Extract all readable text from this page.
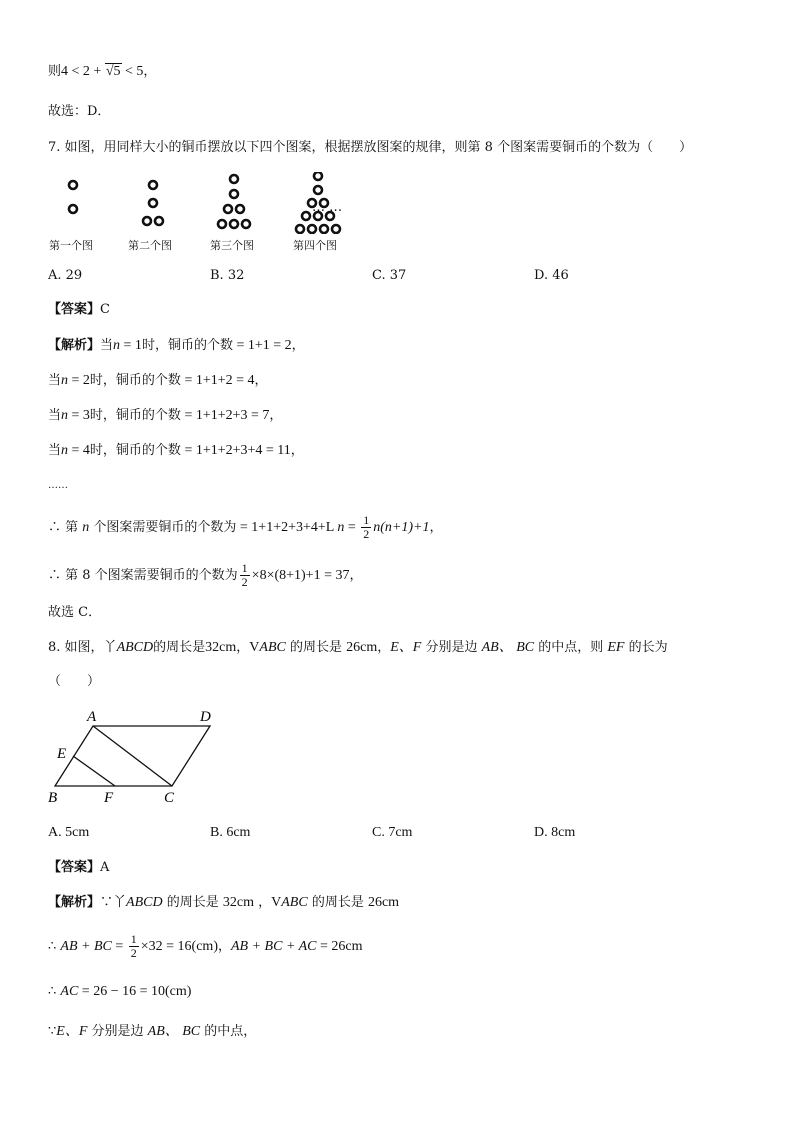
则4 < 2 + √5 < 5，
故选：D．
7. 如图，用同样大小的铜币摆放以下四个图案，根据摆放图案的规律，则第 8 个图案需要铜币的个数为（　　）
… …
第一个图	第二个图	第三个图	第四个图
A. 29	B. 32	C. 37	D. 46
【答案】C
【解析】当n = 1时，铜币的个数 = 1+1 = 2，
当n = 2时，铜币的个数 = 1+1+2 = 4，
当n = 3时，铜币的个数 = 1+1+2+3 = 7，
当n = 4时，铜币的个数 = 1+1+2+3+4 = 11，
……
∴ 第 n 个图案需要铜币的个数为 = 1+1+2+3+4+L $n = \frac{1}{2} n(n+1)+1$，
∴ 第 8 个图案需要铜币的个数为 $\frac{1}{2} \times 8\times(8+1)+1 = 37$，
故选 C．
8. 如图，丫ABCD的周长是32cm，VABC 的周长是 26cm，E、F 分别是边 AB、 BC 的中点，则 EF 的长为
（　　）
A	D
E
B	F	C
A. 5cm	B. 6cm	C. 7cm	D. 8cm
【答案】A
【解析】∵丫ABCD 的周长是 32cm ，VABC 的周长是 26cm
∴ AB + BC = $\frac{1}{2} \times 32 = 16(cm)$，AB + BC + AC = 26cm
∴ AC = 26 − 16 = 10(cm)
∵E、F 分别是边 AB、 BC 的中点，
